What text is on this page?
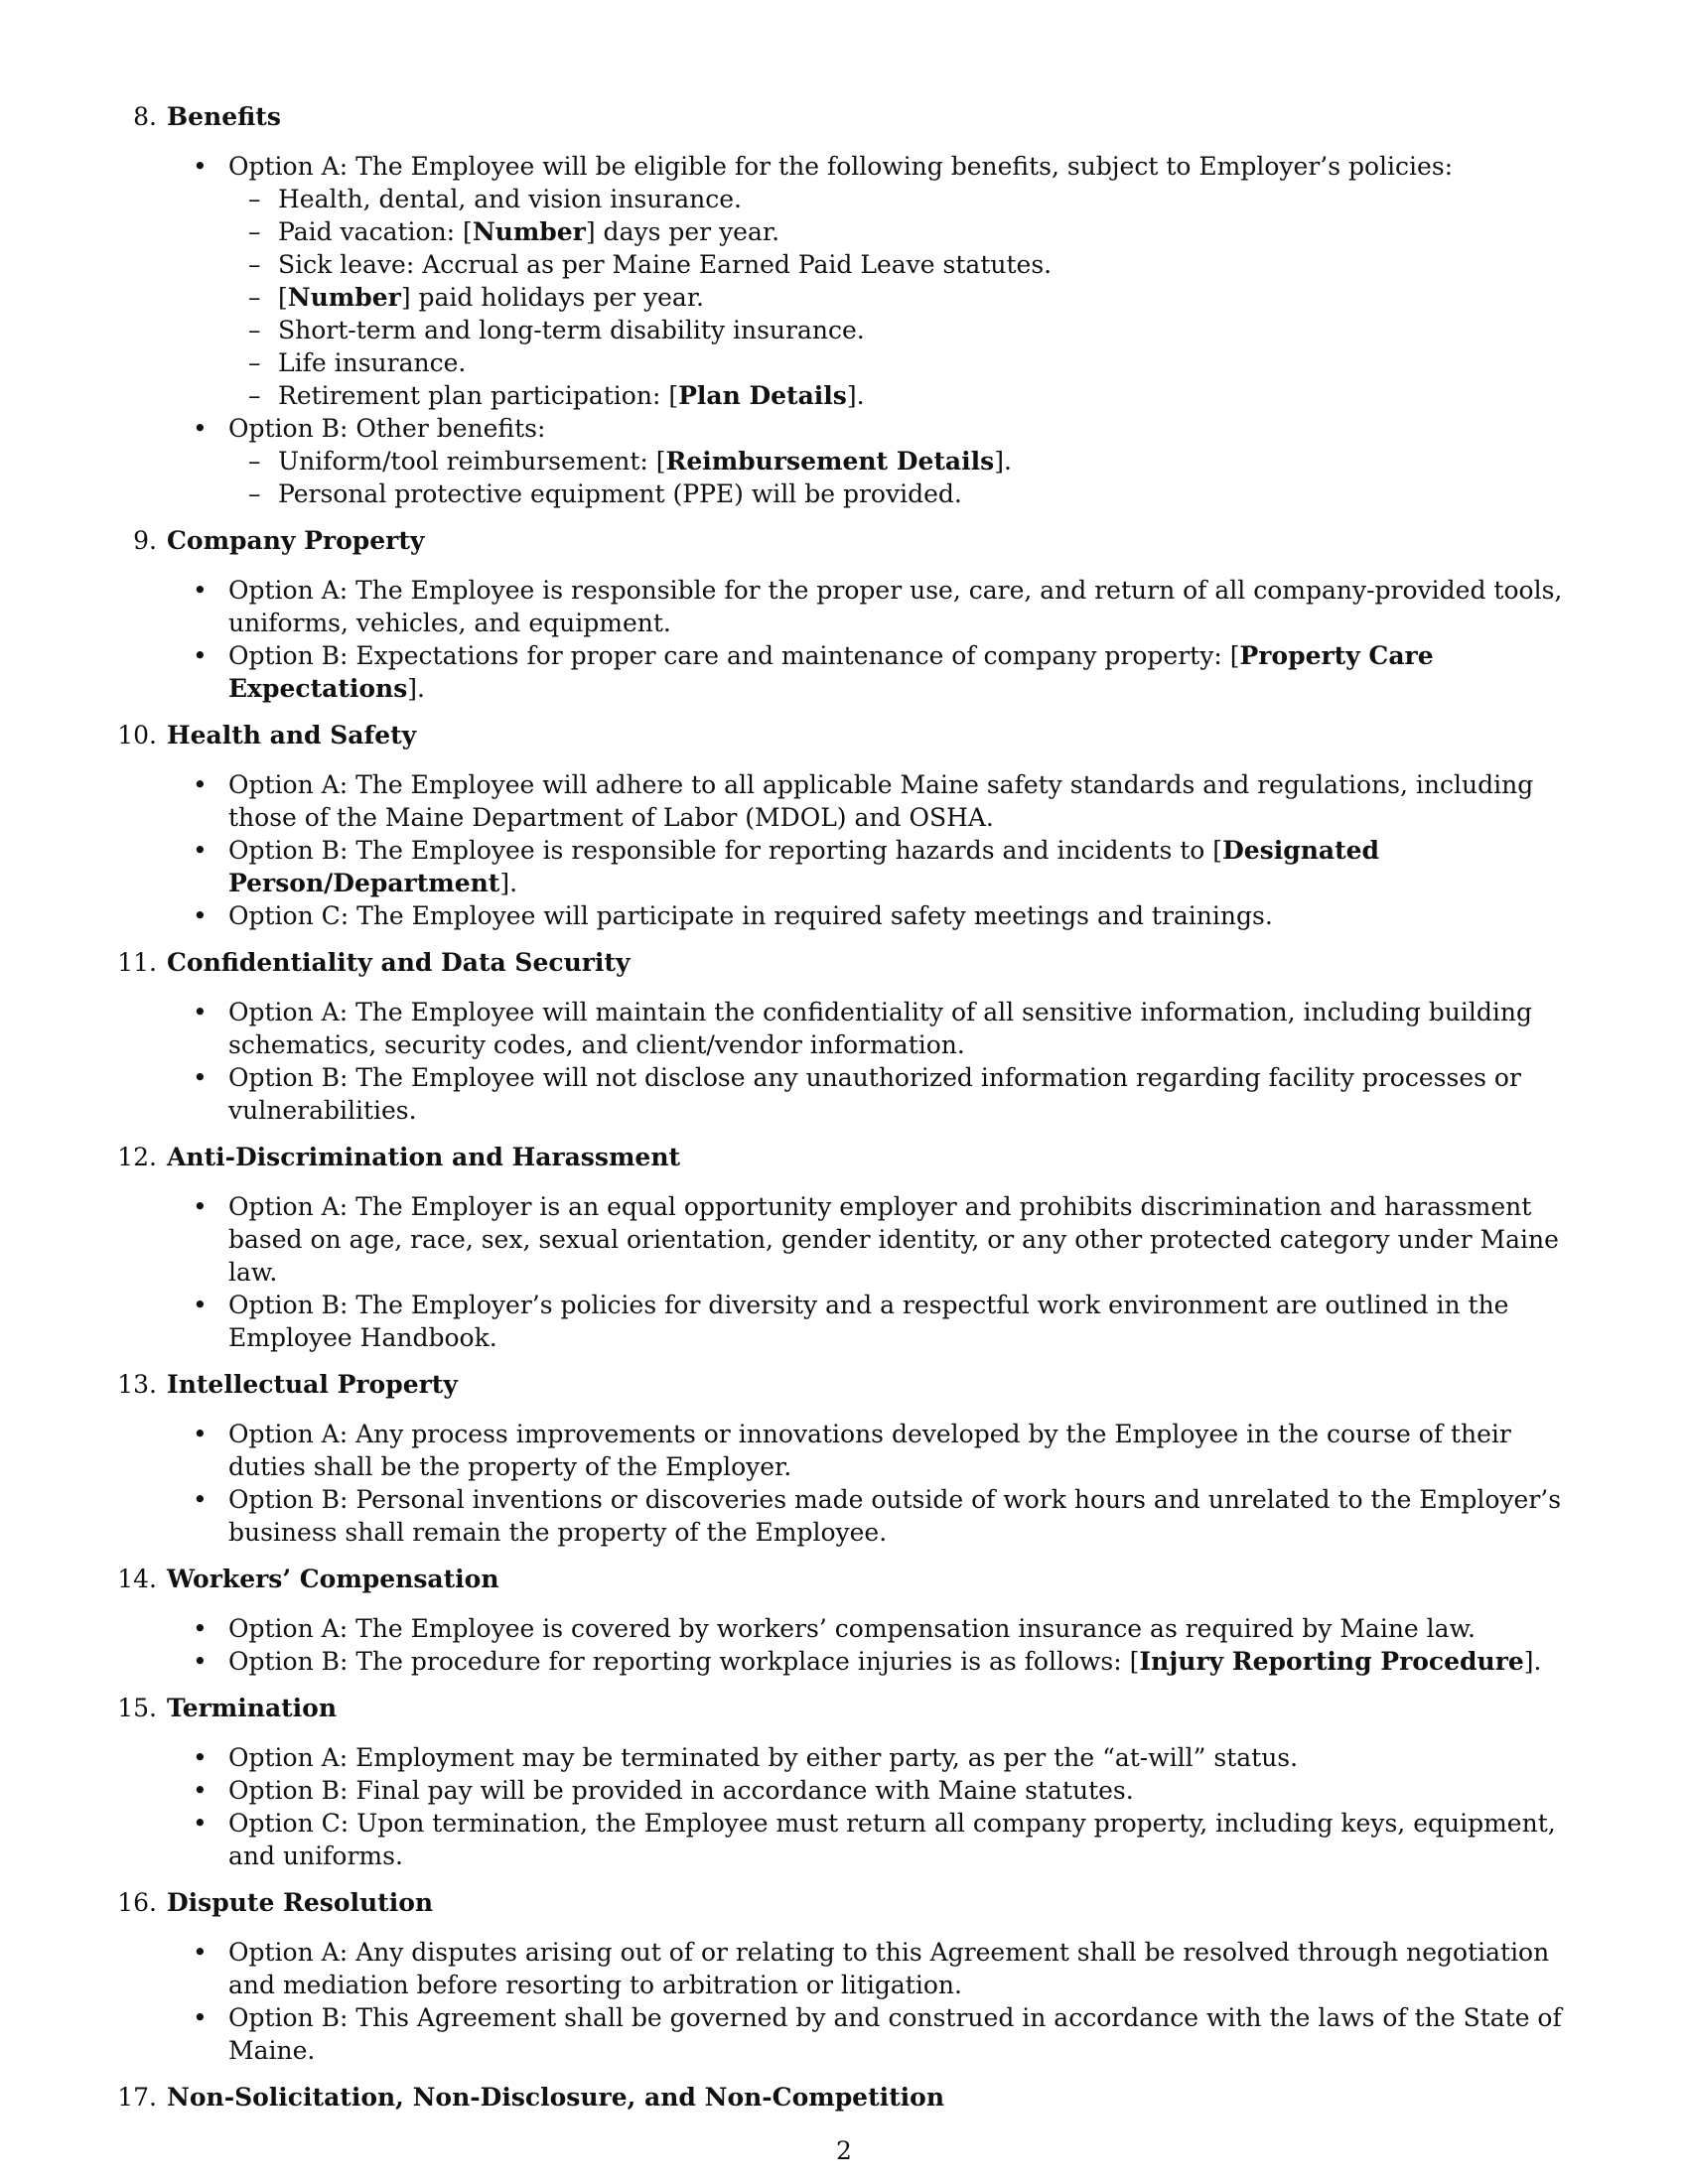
8. Benefits
• Option A: The Employee will be eligible for the following benefits, subject to Employer’s policies:
– Health, dental, and vision insurance.
– Paid vacation: [Number] days per year.
– Sick leave: Accrual as per Maine Earned Paid Leave statutes.
– [Number] paid holidays per year.
– Short-term and long-term disability insurance.
– Life insurance.
– Retirement plan participation: [Plan Details].
• Option B: Other benefits:
– Uniform/tool reimbursement: [Reimbursement Details].
– Personal protective equipment (PPE) will be provided.
9. Company Property
• Option A: The Employee is responsible for the proper use, care, and return of all company-provided tools, uniforms, vehicles, and equipment.
• Option B: Expectations for proper care and maintenance of company property: [Property Care Expectations].
10. Health and Safety
• Option A: The Employee will adhere to all applicable Maine safety standards and regulations, including those of the Maine Department of Labor (MDOL) and OSHA.
• Option B: The Employee is responsible for reporting hazards and incidents to [Designated Person/Department].
• Option C: The Employee will participate in required safety meetings and trainings.
11. Confidentiality and Data Security
• Option A: The Employee will maintain the confidentiality of all sensitive information, including building schematics, security codes, and client/vendor information.
• Option B: The Employee will not disclose any unauthorized information regarding facility processes or vulnerabilities.
12. Anti-Discrimination and Harassment
• Option A: The Employer is an equal opportunity employer and prohibits discrimination and harassment based on age, race, sex, sexual orientation, gender identity, or any other protected category under Maine law.
• Option B: The Employer’s policies for diversity and a respectful work environment are outlined in the Employee Handbook.
13. Intellectual Property
• Option A: Any process improvements or innovations developed by the Employee in the course of their duties shall be the property of the Employer.
• Option B: Personal inventions or discoveries made outside of work hours and unrelated to the Employer’s business shall remain the property of the Employee.
14. Workers’ Compensation
• Option A: The Employee is covered by workers’ compensation insurance as required by Maine law.
• Option B: The procedure for reporting workplace injuries is as follows: [Injury Reporting Procedure].
15. Termination
• Option A: Employment may be terminated by either party, as per the “at-will” status.
• Option B: Final pay will be provided in accordance with Maine statutes.
• Option C: Upon termination, the Employee must return all company property, including keys, equipment, and uniforms.
16. Dispute Resolution
• Option A: Any disputes arising out of or relating to this Agreement shall be resolved through negotiation and mediation before resorting to arbitration or litigation.
• Option B: This Agreement shall be governed by and construed in accordance with the laws of the State of Maine.
17. Non-Solicitation, Non-Disclosure, and Non-Competition
2
